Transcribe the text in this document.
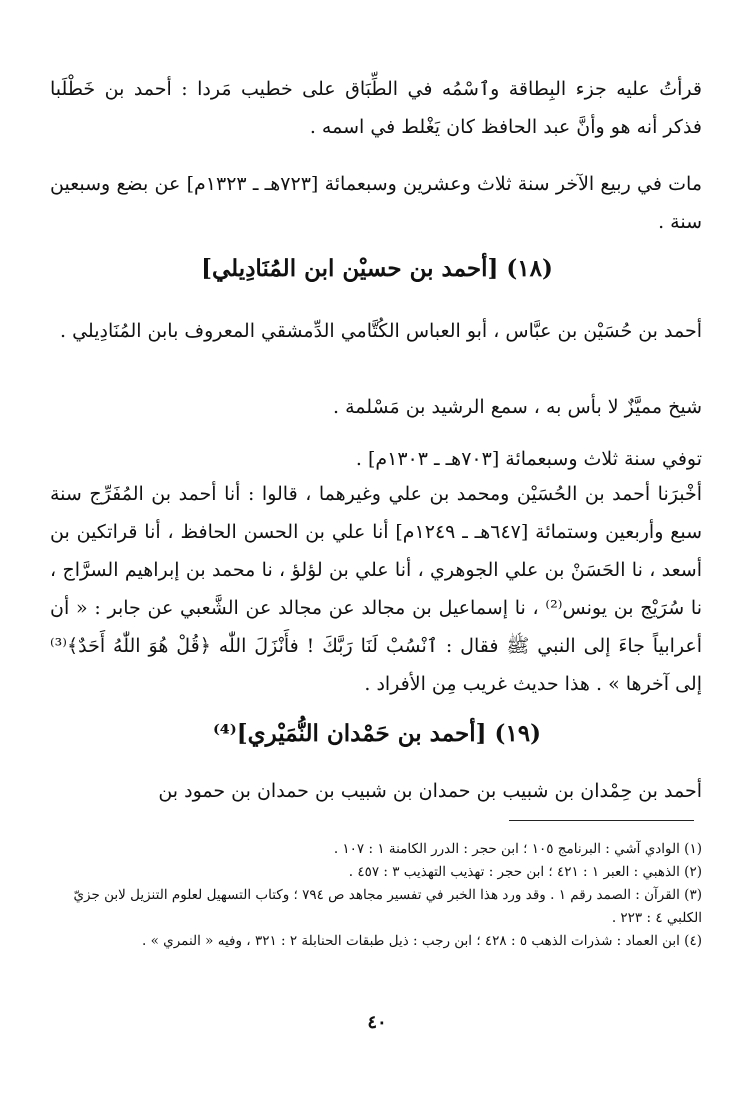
قرأتُ عليه جزء البِطاقة وٱسْمُه في الطِّبَاق على خطيب مَردا : أحمد بن خَطْلَبا فذكر أنه هو وأنَّ عبد الحافظ كان يَغْلط في اسمه .

مات في ربيع الآخر سنة ثلاث وعشرين وسبعمائة [٧٢٣هـ ـ ١٣٢٣م] عن بضع وسبعين سنة .

(١٨) [أحمد بن حسيْن ابن المُنَادِيلي]

أحمد بن حُسَيْن بن عبَّاس ، أبو العباس الكُتَّامي الدِّمشقي المعروف بابن المُنَادِيلي .

شيخ مميَّزٌ لا بأس به ، سمع الرشيد بن مَسْلمة .

توفي سنة ثلاث وسبعمائة [٧٠٣هـ ـ ١٣٠٣م] .

أخْبرَنا أحمد بن الحُسَيْن ومحمد بن علي وغيرهما ، قالوا : أنا أحمد بن المُفَرِّج سنة سبع وأربعين وستمائة [٦٤٧هـ ـ ١٢٤٩م] أنا علي بن الحسن الحافظ ، أنا قراتكين بن أسعد ، نا الحَسَنْ بن علي الجوهري ، أنا علي بن لؤلؤ ، نا محمد بن إبراهيم السرَّاج ، نا سُرَيْج بن يونس⁽²⁾ ، نا إسماعيل بن مجالد عن مجالد عن الشَّعبي عن جابر : « أن أعرابياً جاءَ إلى النبي ﷺ فقال : ٱنْسُبْ لَنَا رَبَّكَ ! فأَنْزَلَ اللّٰه ﴿قُلْ هُوَ اللّٰهُ أَحَدٌ﴾⁽³⁾ إلى آخرها » . هذا حديث غريب مِن الأفراد .

(١٩) [أحمد بن حَمْدان النُّمَيْري]⁽⁴⁾

أحمد بن حِمْدان بن شبيب بن حمدان بن شبيب بن حمدان بن حمود بن

(١) الوادي آشي : البرنامج ١٠٥ ؛ ابن حجر : الدرر الكامنة ١ : ١٠٧ .
(٢) الذهبي : العبر ١ : ٤٢١ ؛ ابن حجر : تهذيب التهذيب ٣ : ٤٥٧ .
(٣) القرآن : الصمد رقم ١ . وقد ورد هذا الخبر في تفسير مجاهد ص ٧٩٤ ؛ وكتاب التسهيل لعلوم التنزيل لابن جزيّ الكلبي ٤ : ٢٢٣ .
(٤) ابن العماد : شذرات الذهب ٥ : ٤٢٨ ؛ ابن رجب : ذيل طبقات الحنابلة ٢ : ٣٢١ ، وفيه « النمري » .
٤٠
